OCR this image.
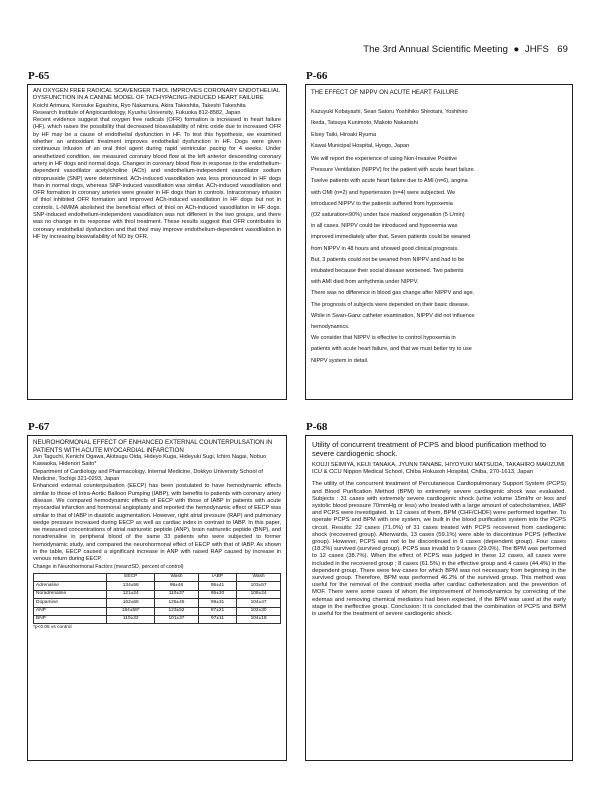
The 3rd Annual Scientific Meeting ● JHFS 69
P-65

AN OXYGEN FREE RADICAL SCAVENGER THIOL IMPROVES CORONARY ENDOTHELIAL DYSFUNCTION IN A CANINE MODEL OF TACHYPACING-INDUCED HEART FAILURE

Koichi Arimura, Kensuke Egashira, Ryo Nakamura, Akira Takeshita, Takeshi Takeshita

Research Institute of Angiocardiology, Kyushu University, Fukuoka 812-8582, Japan

Recent evidence suggest that oxygen free radicals (OFR) formation is increased in heart failure (HF), which raises the possibility that decreased bioavailability of nitric oxide due to increased OFR by HF may be a cause of endothelial dysfunction in HF. To test this hypothesis, we examined whether an antioxidant treatment improves endothelial dysfunction in HF. Dogs were given continuous infusion of an oral thiol agent during rapid ventricular pacing for 4 weeks. Under anesthetized condition, we measured coronary blood flow at the left anterior descending coronary artery in HF dogs and normal dogs. Changes in coronary blood flow in response to the endothelium-dependent vasodilator acetylcholine (ACh) and endothelium-independent vasodilator sodium nitroprusside (SNP) were determined. ACh-induced vasodilation was less pronounced in HF dogs than in normal dogs, whereas SNP-induced vasodilation was similar. ACh-induced vasodilation and OFR formation in coronary arteries were greater in HF dogs than in controls. Intracoronary infusion of thiol inhibited OFR formation and improved ACh-induced vasodilation in HF dogs but not in controls. L-NMMA abolished the beneficial effect of thiol on ACh-induced vasodilation in HF dogs. SNP-induced endothelium-independent vasodilation was not different in the two groups, and there was no change in its response with thiol treatment. These results suggest that OFR contributes to coronary endothelial dysfunction and that thiol may improve endothelium-dependent vasodilation in HF by increasing bioavailability of NO by OFR.

P-66

THE EFFECT OF NIPPV ON ACUTE HEART FAILURE

Kazuyuki Kobayashi, Sean Satoru Yoshihiko Shirotani, Yoshihiro

Ikeda, Tatsuya Kunimoto, Makoto Nakanishi

Elsey Taiki, Hiroaki Ryuma

Kawai Municipal Hospital, Hyogo, Japan

We will report the experience of using Non-Invasive Positive

Pressure Ventilation (NIPPV) for the patient with acute heart failure.

Twelve patients with acute heart failure due to AMI (n=6), angina

with OMI (n=2) and hypertension (n=4) were subjected. We

introduced NIPPV to the patients suffered from hypoxemia

(O2 saturation<90%) under face masked oxygenation (5 L/min)

in all cases. NIPPV could be introduced and hypoxemia was

improved immediately after that. Seven patients could be weaned

from NIPPV in 48 hours and showed good clinical prognosis.

But, 3 patients could not be weaned from NIPPV and had to be

intubated because their social disease worsened. Two patients

with AMI died from arrhythmia under NIPPV.

There was no difference in blood gas change after NIPPV and age.

The prognosis of subjects were depended on their basic disease.

While in Swan-Ganz catheter examination, NIPPV did not influence

hemodynamics.

We consider that NIPPV is effective to control hypoxemia in

patients with acute heart failure, and that we must better try to use

NIPPV system in detail.

P-67

NEUROHORMONAL EFFECT OF ENHANCED EXTERNAL COUNTERPULSATION IN PATIENTS WITH ACUTE MYOCARDIAL INFARCTION

Jun Taguchi, Kenichi Ogawa, Akitsugu Oida, Hideyo Kuga, Hideyuki Sugi, Ichiro Nagai, Nobuo Kawaoka, Hidenori Saito*

Department of Cardiology and Pharmacology, Internal Medicine, Dokkyo University School of Medicine, Tochigi 321-0293, Japan

Enhanced external counterpulsation (EECP) has been postulated to have hemodynamic effects similar to those of Intra-Aortic Balloon Pumping (IABP), with benefits to patients with coronary artery disease. We compared hemodynamic effects of EECP with those of IABP in patients with acute myocardial infarction and hormonal angioplasty and reported the hemodynamic effect of EECP was similar to that of IABP in diastolic augmentation. However, right atrial pressure (RAP) and pulmonary wedge pressure increased during EECP as well as cardiac index in contrast to IABP. In this paper, we measured concentrations of atrial natriuretic peptide (ANP), brain natriuretic peptide (BNP), and noradrenaline in peripheral blood of the same 33 patients who were subjected to former hemodynamic study, and compared the neurohormonal effect of EECP with that of IABP. As shown in the table, EECP caused a significant increase in ANP with raised RAP caused by increase in venous return during EECP.

Change in Neurohormonal Factors (mean±SD, percent of control)

	EECP	Wash	IABP	Wash
Adrenaline	134±58	98±46	95±41	103±57
Noradrenaline	121±24	110±37	95±20	108±24
Dopamine	162±68	125±45	99±31	104±47
ANP	184±58*	123±52	87±21	102±30
BNP	110±32	101±37	97±11	104±18

*p<0.05 vs control

P-68

Utility of concurrent treatment of PCPS and blood purification method to severe cardiogenic shock.

KOUJI SEIMIYA, KEIJI TANAKA, JYUNN TANABE, HIYOYUKI MATSUDA, TAKAHIRO MAKIZUMI
ICU & CCU Nippon Medical School, Chiba Hokusoh Hospital, Chiba, 270-1613, Japan

The utility of the concurrent treatment of Percutaneous Cardiopulmonary Support System (PCPS) and Blood Purification Method (BPM) to extremely severe cardiogenic shock was evaluated. Subjects : 31 cases with extremely severe cardiogenic shock (urine volume 15ml/hr or less and systolic blood pressure 70mmHg or less) who treated with a large amount of catecholamines, IABP and PCPS were investigated. In 12 cases of them, BPM (CHF/CHDF) were performed together. To operate PCPS and BPM with one system, we built in the blood purification system into the PCPS circuit. Results: 22 cases (71.0%) of 31 cases treated with PCPS recovered from cardiogenic shock (recovered group). Afterwards, 13 cases (59.1%) were able to discontinue PCPS (effective group). However, PCPS was not to be discontinued in 9 cases (dependent group). Four cases (18.2%) survived (survived group). PCPS was invalid to 9 cases (29.0%). The BPM was performed to 12 cases (38.7%). When the effect of PCPS was judged in these 12 cases, all cases were included in the recovered group ; 8 cases (61.5%) in the effective group and 4 cases (44.4%) in the dependent group. There were few cases for which BPM was not necessary from beginning in the survived group. Therefore, BPM was performed 46.2% of the survived group. This method was useful for the removal of the contrast media after cardiac catheterization and the prevention of MOF. There were some cases of whom the improvement of hemodynamics by correcting of the edemas and removing chemical mediators had been expected, if the BPM was used at the early stage in the ineffective group. Conclusion: It is concluded that the combination of PCPS and BPM is useful for the treatment of severe cardiogenic shock.
